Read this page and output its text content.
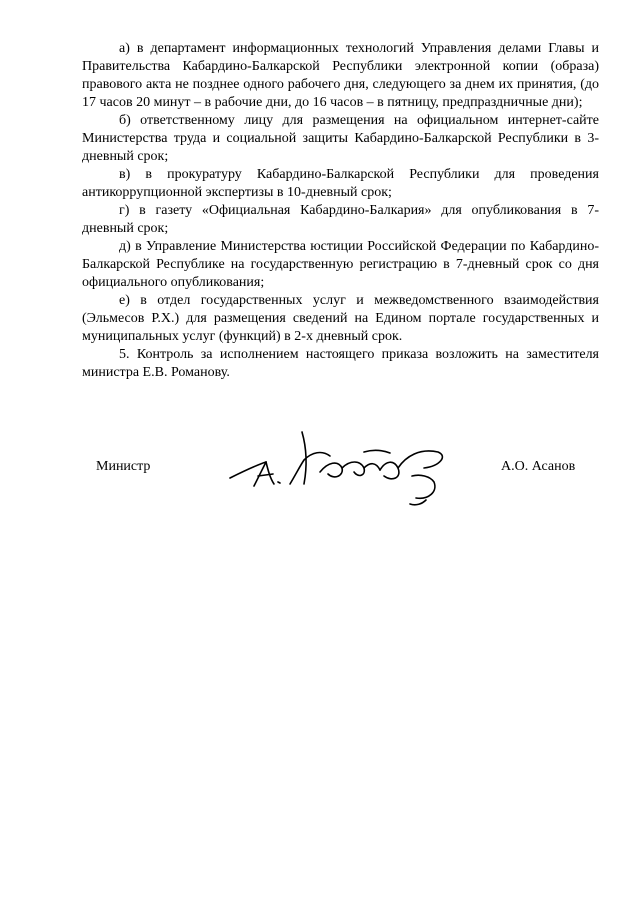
а) в департамент информационных технологий Управления делами Главы и Правительства Кабардино-Балкарской Республики электронной копии (образа) правового акта не позднее одного рабочего дня, следующего за днем их принятия, (до 17 часов 20 минут – в рабочие дни, до 16 часов – в пятницу, предпраздничные дни);

б) ответственному лицу для размещения на официальном интернет-сайте Министерства труда и социальной защиты Кабардино-Балкарской Республики в 3-дневный срок;

в) в прокуратуру Кабардино-Балкарской Республики для проведения антикоррупционной экспертизы в 10-дневный срок;

г) в газету «Официальная Кабардино-Балкария» для опубликования в 7-дневный срок;

д) в Управление Министерства юстиции Российской Федерации по Кабардино-Балкарской Республике на государственную регистрацию в 7-дневный срок со дня официального опубликования;

е) в отдел государственных услуг и межведомственного взаимодействия (Эльмесов Р.Х.) для размещения сведений на Едином портале государственных и муниципальных услуг (функций) в 2-х дневный срок.

5. Контроль за исполнением настоящего приказа возложить на заместителя министра Е.В. Романову.

Министр	А.О. Асанов
